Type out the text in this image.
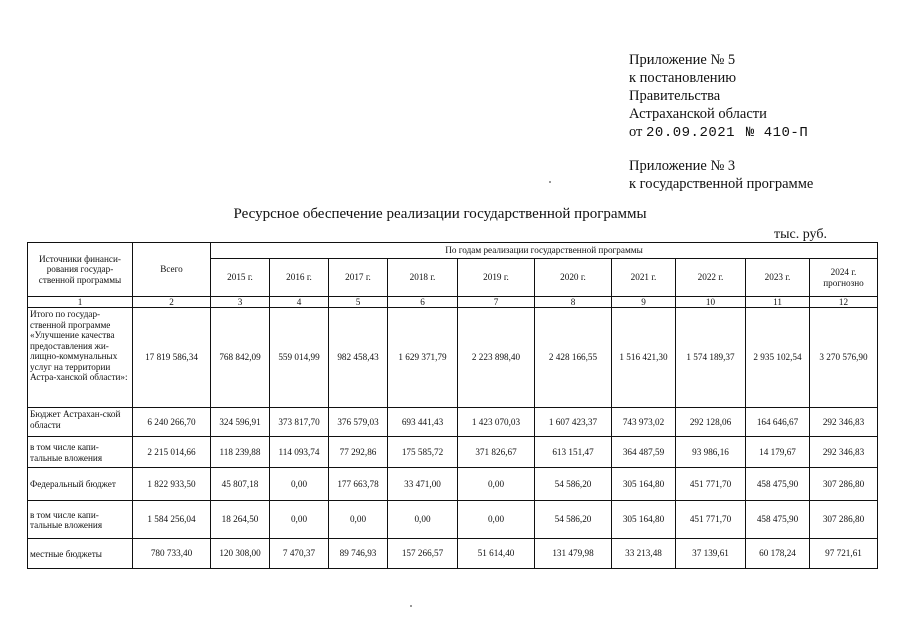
Приложение № 5
к постановлению
Правительства
Астраханской области
от 20.09.2021 № 410-П
Приложение № 3
к государственной программе
Ресурсное обеспечение реализации государственной программы
тыс. руб.
Источники финанси-рования государ-ственной программы	Всего	По годам реализации государственной программы									
		2015 г.	2016 г.	2017 г.	2018 г.	2019 г.	2020 г.	2021 г.	2022 г.	2023 г.	2024 г. прогнозно
1	2	3	4	5	6	7	8	9	10	11	12
Итого по государ-ственной программе «Улучшение качества предоставления жи-лищно-коммунальных услуг на территории Астра-ханской области»:	17 819 586,34	768 842,09	559 014,99	982 458,43	1 629 371,79	2 223 898,40	2 428 166,55	1 516 421,30	1 574 189,37	2 935 102,54	3 270 576,90
Бюджет Астрахан-ской области	6 240 266,70	324 596,91	373 817,70	376 579,03	693 441,43	1 423 070,03	1 607 423,37	743 973,02	292 128,06	164 646,67	292 346,83
в том числе капи-тальные вложения	2 215 014,66	118 239,88	114 093,74	77 292,86	175 585,72	371 826,67	613 151,47	364 487,59	93 986,16	14 179,67	292 346,83
Федеральный бюджет	1 822 933,50	45 807,18	0,00	177 663,78	33 471,00	0,00	54 586,20	305 164,80	451 771,70	458 475,90	307 286,80
в том числе капи-тальные вложения	1 584 256,04	18 264,50	0,00	0,00	0,00	0,00	54 586,20	305 164,80	451 771,70	458 475,90	307 286,80
местные бюджеты	780 733,40	120 308,00	7 470,37	89 746,93	157 266,57	51 614,40	131 479,98	33 213,48	37 139,61	60 178,24	97 721,61
